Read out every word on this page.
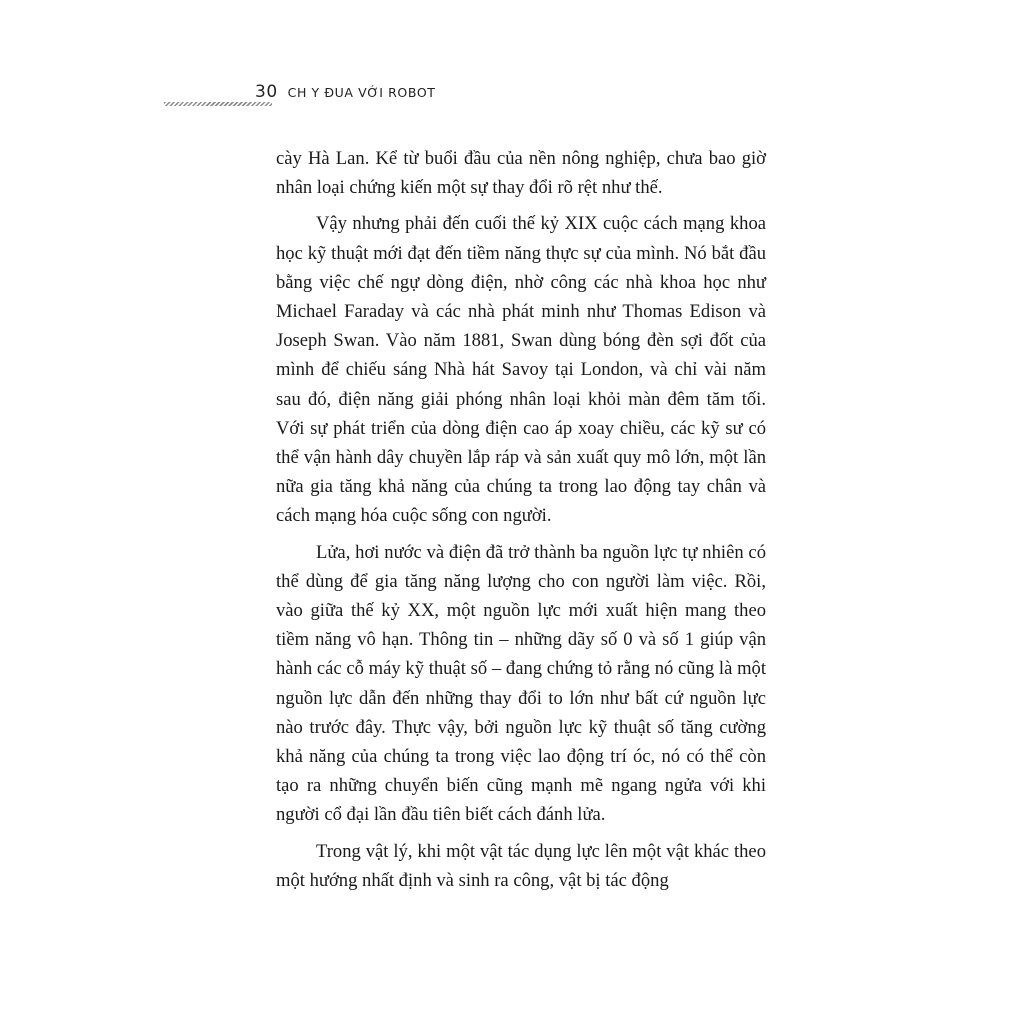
30 CH Y ĐUA VỚI ROBOT

cày Hà Lan. Kể từ buổi đầu của nền nông nghiệp, chưa bao giờ nhân loại chứng kiến một sự thay đổi rõ rệt như thế.

Vậy nhưng phải đến cuối thế kỷ XIX cuộc cách mạng khoa học kỹ thuật mới đạt đến tiềm năng thực sự của mình. Nó bắt đầu bằng việc chế ngự dòng điện, nhờ công các nhà khoa học như Michael Faraday và các nhà phát minh như Thomas Edison và Joseph Swan. Vào năm 1881, Swan dùng bóng đèn sợi đốt của mình để chiếu sáng Nhà hát Savoy tại London, và chỉ vài năm sau đó, điện năng giải phóng nhân loại khỏi màn đêm tăm tối. Với sự phát triển của dòng điện cao áp xoay chiều, các kỹ sư có thể vận hành dây chuyền lắp ráp và sản xuất quy mô lớn, một lần nữa gia tăng khả năng của chúng ta trong lao động tay chân và cách mạng hóa cuộc sống con người.

Lửa, hơi nước và điện đã trở thành ba nguồn lực tự nhiên có thể dùng để gia tăng năng lượng cho con người làm việc. Rồi, vào giữa thế kỷ XX, một nguồn lực mới xuất hiện mang theo tiềm năng vô hạn. Thông tin – những dãy số 0 và số 1 giúp vận hành các cỗ máy kỹ thuật số – đang chứng tỏ rằng nó cũng là một nguồn lực dẫn đến những thay đổi to lớn như bất cứ nguồn lực nào trước đây. Thực vậy, bởi nguồn lực kỹ thuật số tăng cường khả năng của chúng ta trong việc lao động trí óc, nó có thể còn tạo ra những chuyển biến cũng mạnh mẽ ngang ngửa với khi người cổ đại lần đầu tiên biết cách đánh lửa.

Trong vật lý, khi một vật tác dụng lực lên một vật khác theo một hướng nhất định và sinh ra công, vật bị tác động
